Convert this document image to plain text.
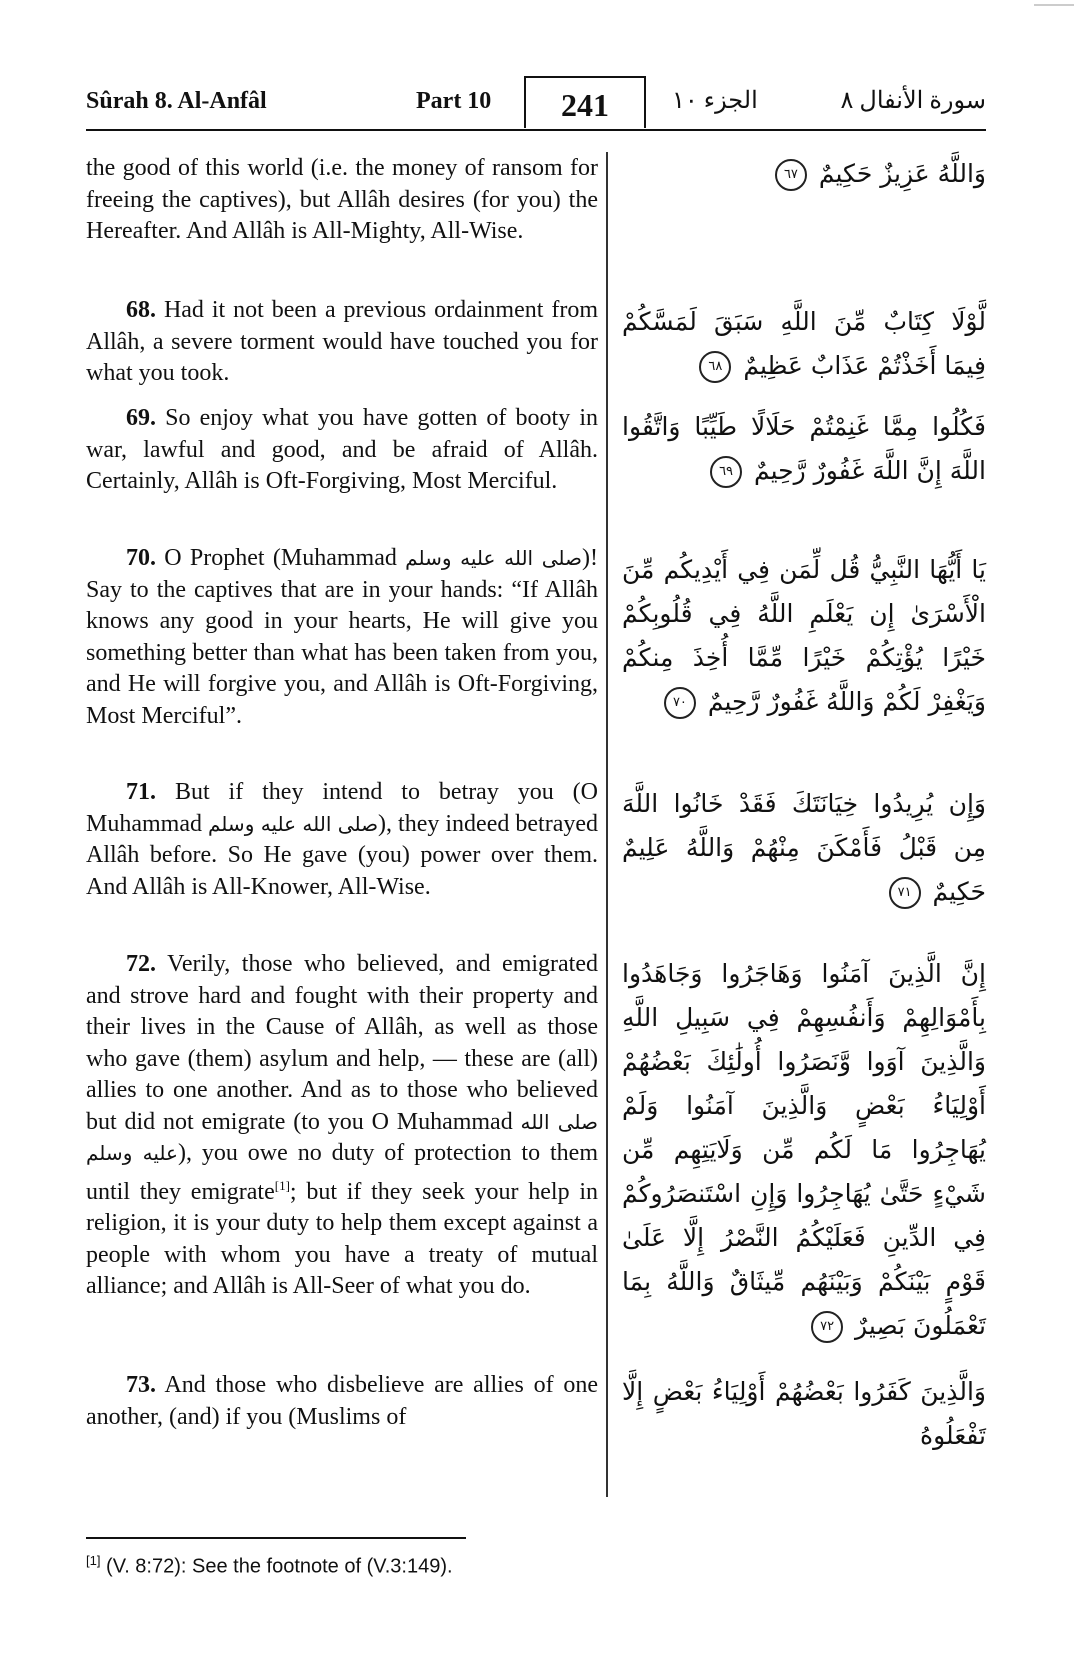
Sûrah 8. Al-Anfâl	Part 10	241	الجزء ١٠	سورة الأنفال ٨

the good of this world (i.e. the money of ransom for freeing the captives), but Allâh desires (for you) the Hereafter. And Allâh is All-Mighty, All-Wise.

68. Had it not been a previous ordainment from Allâh, a severe torment would have touched you for what you took.

69. So enjoy what you have gotten of booty in war, lawful and good, and be afraid of Allâh. Certainly, Allâh is Oft-Forgiving, Most Merciful.

70. O Prophet (Muhammad صلى الله عليه وسلم)! Say to the captives that are in your hands: “If Allâh knows any good in your hearts, He will give you something better than what has been taken from you, and He will forgive you, and Allâh is Oft-Forgiving, Most Merciful”.

71. But if they intend to betray you (O Muhammad صلى الله عليه وسلم), they indeed betrayed Allâh before. So He gave (you) power over them. And Allâh is All-Knower, All-Wise.

72. Verily, those who believed, and emigrated and strove hard and fought with their property and their lives in the Cause of Allâh, as well as those who gave (them) asylum and help, — these are (all) allies to one another. And as to those who believed but did not emigrate (to you O Muhammad صلى الله عليه وسلم), you owe no duty of protection to them until they emigrate[1]; but if they seek your help in religion, it is your duty to help them except against a people with whom you have a treaty of mutual alliance; and Allâh is All-Seer of what you do.

73. And those who disbelieve are allies of one another, (and) if you (Muslims of

وَاللَّهُ عَزِيزٌ حَكِيمٌ ٦٧

لَّوْلَا كِتَابٌ مِّنَ اللَّهِ سَبَقَ لَمَسَّكُمْ فِيمَا أَخَذْتُمْ عَذَابٌ عَظِيمٌ ٦٨

فَكُلُوا مِمَّا غَنِمْتُمْ حَلَالًا طَيِّبًا وَاتَّقُوا اللَّهَ إِنَّ اللَّهَ غَفُورٌ رَّحِيمٌ ٦٩

يَا أَيُّهَا النَّبِيُّ قُل لِّمَن فِي أَيْدِيكُم مِّنَ الْأَسْرَىٰ إِن يَعْلَمِ اللَّهُ فِي قُلُوبِكُمْ خَيْرًا يُؤْتِكُمْ خَيْرًا مِّمَّا أُخِذَ مِنكُمْ وَيَغْفِرْ لَكُمْ وَاللَّهُ غَفُورٌ رَّحِيمٌ ٧٠

وَإِن يُرِيدُوا خِيَانَتَكَ فَقَدْ خَانُوا اللَّهَ مِن قَبْلُ فَأَمْكَنَ مِنْهُمْ وَاللَّهُ عَلِيمٌ حَكِيمٌ ٧١

إِنَّ الَّذِينَ آمَنُوا وَهَاجَرُوا وَجَاهَدُوا بِأَمْوَالِهِمْ وَأَنفُسِهِمْ فِي سَبِيلِ اللَّهِ وَالَّذِينَ آوَوا وَّنَصَرُوا أُولَٰئِكَ بَعْضُهُمْ أَوْلِيَاءُ بَعْضٍ وَالَّذِينَ آمَنُوا وَلَمْ يُهَاجِرُوا مَا لَكُم مِّن وَلَايَتِهِم مِّن شَيْءٍ حَتَّىٰ يُهَاجِرُوا وَإِنِ اسْتَنصَرُوكُمْ فِي الدِّينِ فَعَلَيْكُمُ النَّصْرُ إِلَّا عَلَىٰ قَوْمٍ بَيْنَكُمْ وَبَيْنَهُم مِّيثَاقٌ وَاللَّهُ بِمَا تَعْمَلُونَ بَصِيرٌ ٧٢

وَالَّذِينَ كَفَرُوا بَعْضُهُمْ أَوْلِيَاءُ بَعْضٍ إِلَّا تَفْعَلُوهُ

[1] (V. 8:72): See the footnote of (V.3:149).
